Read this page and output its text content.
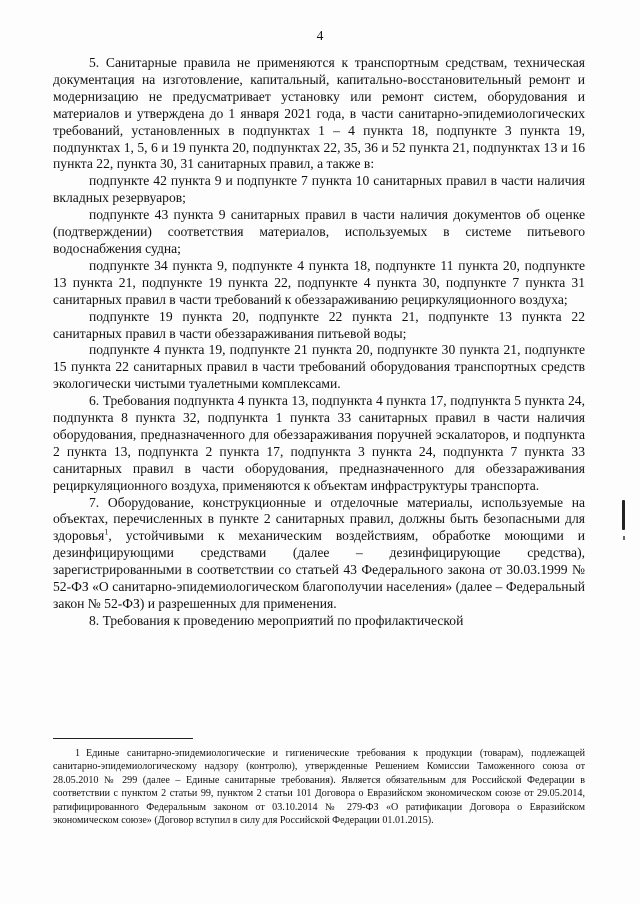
4

5. Санитарные правила не применяются к транспортным средствам, техническая документация на изготовление, капитальный, капитально-восстановительный ремонт и модернизацию не предусматривает установку или ремонт систем, оборудования и материалов и утверждена до 1 января 2021 года, в части санитарно-эпидемиологических требований, установленных в подпунктах 1 – 4 пункта 18, подпункте 3 пункта 19, подпунктах 1, 5, 6 и 19 пункта 20, подпунктах 22, 35, 36 и 52 пункта 21, подпунктах 13 и 16 пункта 22, пункта 30, 31 санитарных правил, а также в:

подпункте 42 пункта 9 и подпункте 7 пункта 10 санитарных правил в части наличия вкладных резервуаров;

подпункте 43 пункта 9 санитарных правил в части наличия документов об оценке (подтверждении) соответствия материалов, используемых в системе питьевого водоснабжения судна;

подпункте 34 пункта 9, подпункте 4 пункта 18, подпункте 11 пункта 20, подпункте 13 пункта 21, подпункте 19 пункта 22, подпункте 4 пункта 30, подпункте 7 пункта 31 санитарных правил в части требований к обеззараживанию рециркуляционного воздуха;

подпункте 19 пункта 20, подпункте 22 пункта 21, подпункте 13 пункта 22 санитарных правил в части обеззараживания питьевой воды;

подпункте 4 пункта 19, подпункте 21 пункта 20, подпункте 30 пункта 21, подпункте 15 пункта 22 санитарных правил в части требований оборудования транспортных средств экологически чистыми туалетными комплексами.

6. Требования подпункта 4 пункта 13, подпункта 4 пункта 17, подпункта 5 пункта 24, подпункта 8 пункта 32, подпункта 1 пункта 33 санитарных правил в части наличия оборудования, предназначенного для обеззараживания поручней эскалаторов, и подпункта 2 пункта 13, подпункта 2 пункта 17, подпункта 3 пункта 24, подпункта 7 пункта 33 санитарных правил в части оборудования, предназначенного для обеззараживания рециркуляционного воздуха, применяются к объектам инфраструктуры транспорта.

7. Оборудование, конструкционные и отделочные материалы, используемые на объектах, перечисленных в пункте 2 санитарных правил, должны быть безопасными для здоровья$^1$, устойчивыми к механическим воздействиям, обработке моющими и дезинфицирующими средствами (далее – дезинфицирующие средства), зарегистрированными в соответствии со статьей 43 Федерального закона от 30.03.1999 № 52-ФЗ «О санитарно-эпидемиологическом благополучии населения» (далее – Федеральный закон № 52-ФЗ) и разрешенных для применения.

8. Требования к проведению мероприятий по профилактической

1 Единые санитарно-эпидемиологические и гигиенические требования к продукции (товарам), подлежащей санитарно-эпидемиологическому надзору (контролю), утвержденные Решением Комиссии Таможенного союза от 28.05.2010 № 299 (далее – Единые санитарные требования). Является обязательным для Российской Федерации в соответствии с пунктом 2 статьи 99, пунктом 2 статьи 101 Договора о Евразийском экономическом союзе от 29.05.2014, ратифицированного Федеральным законом от 03.10.2014 № 279-ФЗ «О ратификации Договора о Евразийском экономическом союзе» (Договор вступил в силу для Российской Федерации 01.01.2015).
